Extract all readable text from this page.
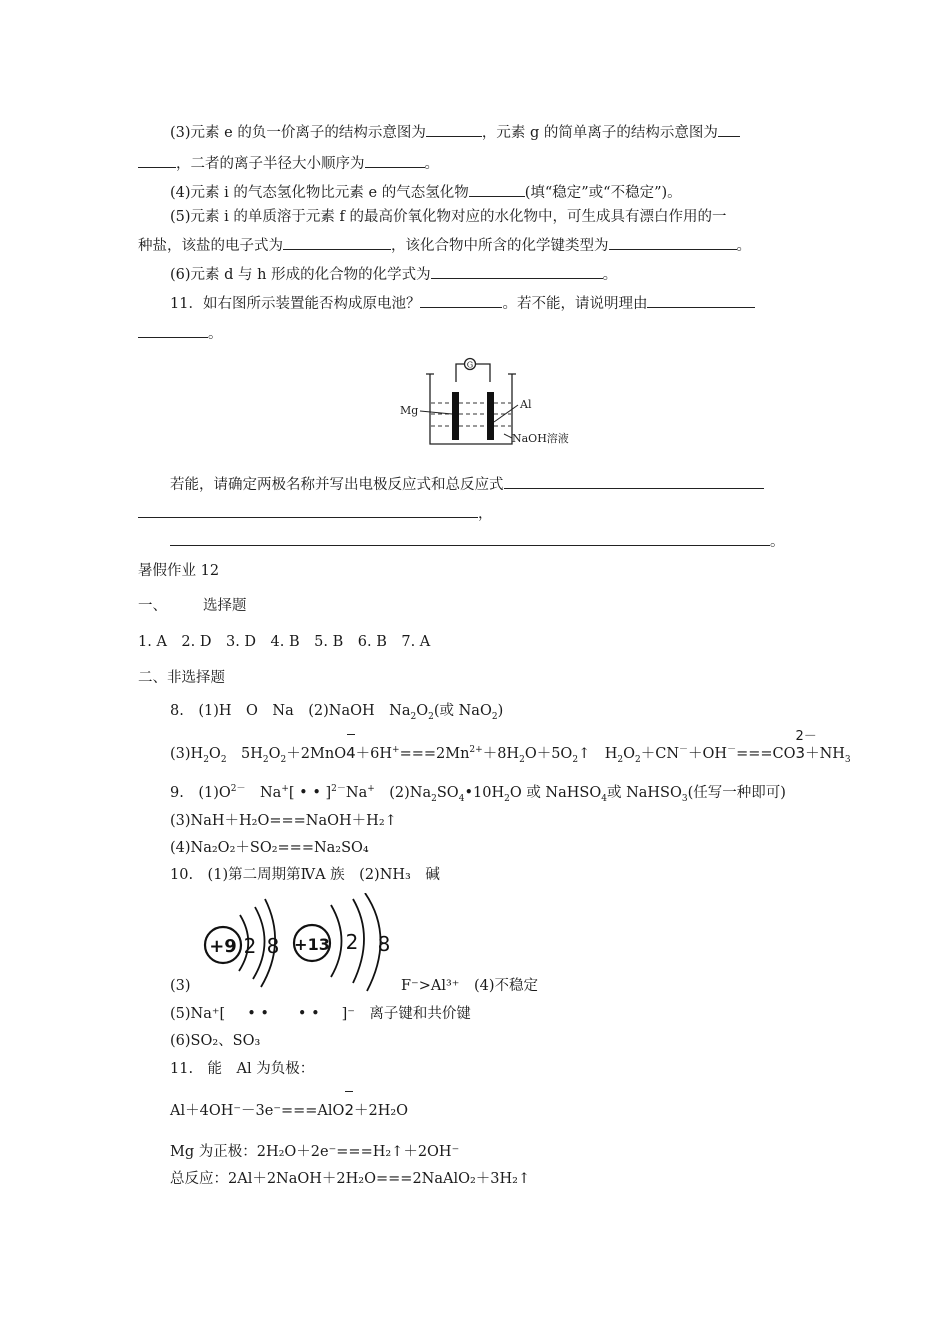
(3)元素 e 的负一价离子的结构示意图为	，元素 g 的简单离子的结构示意图为
，二者的离子半径大小顺序为	。
(4)元素 i 的气态氢化物比元素 e 的气态氢化物	(填“稳定”或“不稳定”)。
(5)元素 i 的单质溶于元素 f 的最高价氧化物对应的水化物中，可生成具有漂白作用的一
种盐，该盐的电子式为	，该化合物中所含的化学键类型为	。
(6)元素 d 与 h 形成的化合物的化学式为	。
11．如右图所示装置能否构成原电池？	。若不能，请说明理由
。
G
Mg	Al
NaOH溶液
若能，请确定两极名称并写出电极反应式和总反应式
，
。
暑假作业 12
一、 选择题
1. A　2. D　3. D　4. B　5. B　6. B　7. A
二、非选择题
8.　(1)H　O　Na　(2)NaOH　$Na_2O_2$(或 NaO$_2$)
$(3)H_2O_2$　$5H_2O_2+2MnO$
$4+6H^+===2Mn^{2+}+8H_2O+5O_2↑$　$H_2O_2+CN^-+OH^-===CO$
2－
$3+NH_3$
9.　$(1)O^{2-}$　Na+[ • • ]$^{2-}$Na+　$(2)Na_2SO_4•10H_2O$ 或 NaHSO$_4$或 NaHSO$_3$(任写一种即可)
(3)NaH＋H₂O===NaOH＋H₂↑
(4)Na₂O₂＋SO₂===Na₂SO₄
10.　(1)第二周期第ⅣA 族　(2)NH₃　碱
+9 2 8 +13 2 8
(3)	F⁻>Al³⁺　(4)不稳定
(5)Na⁺[ • •　　• • ]⁻　离子键和共价键
(6)SO₂、SO₃
11.　能　Al 为负极：
Al＋4OH⁻－3e⁻===AlO
2＋2H₂O
Mg 为正极：2H₂O＋2e⁻===H₂↑＋2OH⁻
总反应：2Al＋2NaOH＋2H₂O===2NaAlO₂＋3H₂↑
